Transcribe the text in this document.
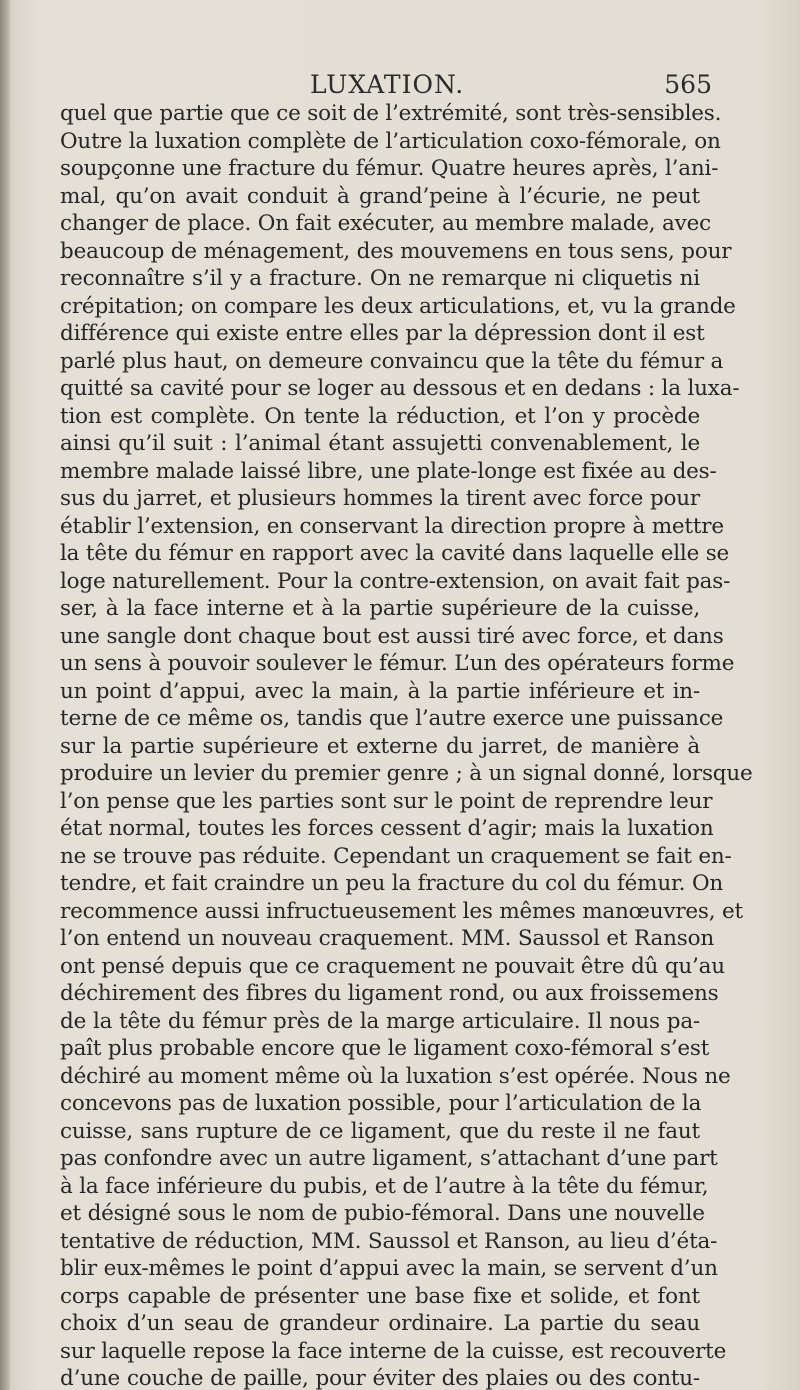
LUXATION.	565
quel que partie que ce soit de l’extrémité, sont très-sensibles.
Outre la luxation complète de l’articulation coxo-fémorale, on
soupçonne une fracture du fémur. Quatre heures après, l’ani-
mal, qu’on avait conduit à grand’peine à l’écurie, ne peut
changer de place. On fait exécuter, au membre malade, avec
beaucoup de ménagement, des mouvemens en tous sens, pour
reconnaître s’il y a fracture. On ne remarque ni cliquetis ni
crépitation; on compare les deux articulations, et, vu la grande
différence qui existe entre elles par la dépression dont il est
parlé plus haut, on demeure convaincu que la tête du fémur a
quitté sa cavité pour se loger au dessous et en dedans : la luxa-
tion est complète. On tente la réduction, et l’on y procède
ainsi qu’il suit : l’animal étant assujetti convenablement, le
membre malade laissé libre, une plate-longe est fixée au des-
sus du jarret, et plusieurs hommes la tirent avec force pour
établir l’extension, en conservant la direction propre à mettre
la tête du fémur en rapport avec la cavité dans laquelle elle se
loge naturellement. Pour la contre-extension, on avait fait pas-
ser, à la face interne et à la partie supérieure de la cuisse,
une sangle dont chaque bout est aussi tiré avec force, et dans
un sens à pouvoir soulever le fémur. L’un des opérateurs forme
un point d’appui, avec la main, à la partie inférieure et in-
terne de ce même os, tandis que l’autre exerce une puissance
sur la partie supérieure et externe du jarret, de manière à
produire un levier du premier genre ; à un signal donné, lorsque
l’on pense que les parties sont sur le point de reprendre leur
état normal, toutes les forces cessent d’agir; mais la luxation
ne se trouve pas réduite. Cependant un craquement se fait en-
tendre, et fait craindre un peu la fracture du col du fémur. On
recommence aussi infructueusement les mêmes manœuvres, et
l’on entend un nouveau craquement. MM. Saussol et Ranson
ont pensé depuis que ce craquement ne pouvait être dû qu’au
déchirement des fibres du ligament rond, ou aux froissemens
de la tête du fémur près de la marge articulaire. Il nous pa-
paît plus probable encore que le ligament coxo-fémoral s’est
déchiré au moment même où la luxation s’est opérée. Nous ne
concevons pas de luxation possible, pour l’articulation de la
cuisse, sans rupture de ce ligament, que du reste il ne faut
pas confondre avec un autre ligament, s’attachant d’une part
à la face inférieure du pubis, et de l’autre à la tête du fémur,
et désigné sous le nom de pubio-fémoral. Dans une nouvelle
tentative de réduction, MM. Saussol et Ranson, au lieu d’éta-
blir eux-mêmes le point d’appui avec la main, se servent d’un
corps capable de présenter une base fixe et solide, et font
choix d’un seau de grandeur ordinaire. La partie du seau
sur laquelle repose la face interne de la cuisse, est recouverte
d’une couche de paille, pour éviter des plaies ou des contu-
